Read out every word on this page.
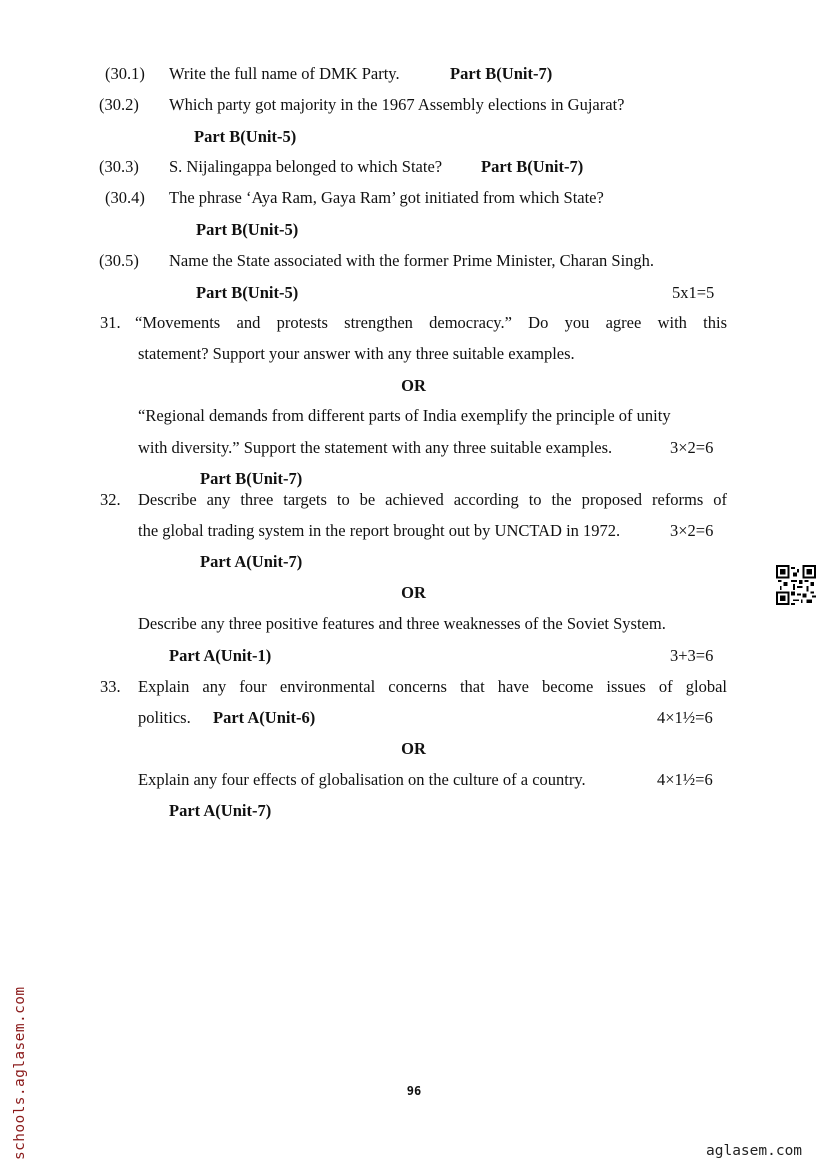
(30.1) Write the full name of DMK Party.	Part B(Unit-7)
(30.2) Which party got majority in the 1967 Assembly elections in Gujarat?
Part B(Unit-5)
(30.3) S. Nijalingappa belonged to which State? Part B(Unit-7)
(30.4) The phrase ‘Aya Ram, Gaya Ram’ got initiated from which State?
Part B(Unit-5)
(30.5) Name the State associated with the former Prime Minister, Charan Singh.
Part B(Unit-5)	5x1=5
31. “Movements and protests strengthen democracy.” Do you agree with this
statement? Support your answer with any three suitable examples.
OR
“Regional demands from different parts of India exemplify the principle of unity
with diversity.” Support the statement with any three suitable examples.	3×2=6
Part B(Unit-7)
32. Describe any three targets to be achieved according to the proposed reforms of
the global trading system in the report brought out by UNCTAD in 1972.	3×2=6
Part A(Unit-7)
OR
Describe any three positive features and three weaknesses of the Soviet System.
Part A(Unit-1)	3+3=6
33. Explain any four environmental concerns that have become issues of global
politics. Part A(Unit-6)	4×1½=6
OR
Explain any four effects of globalisation on the culture of a country.	4×1½=6
Part A(Unit-7)
96
schools.aglasem.com	aglasem.com
